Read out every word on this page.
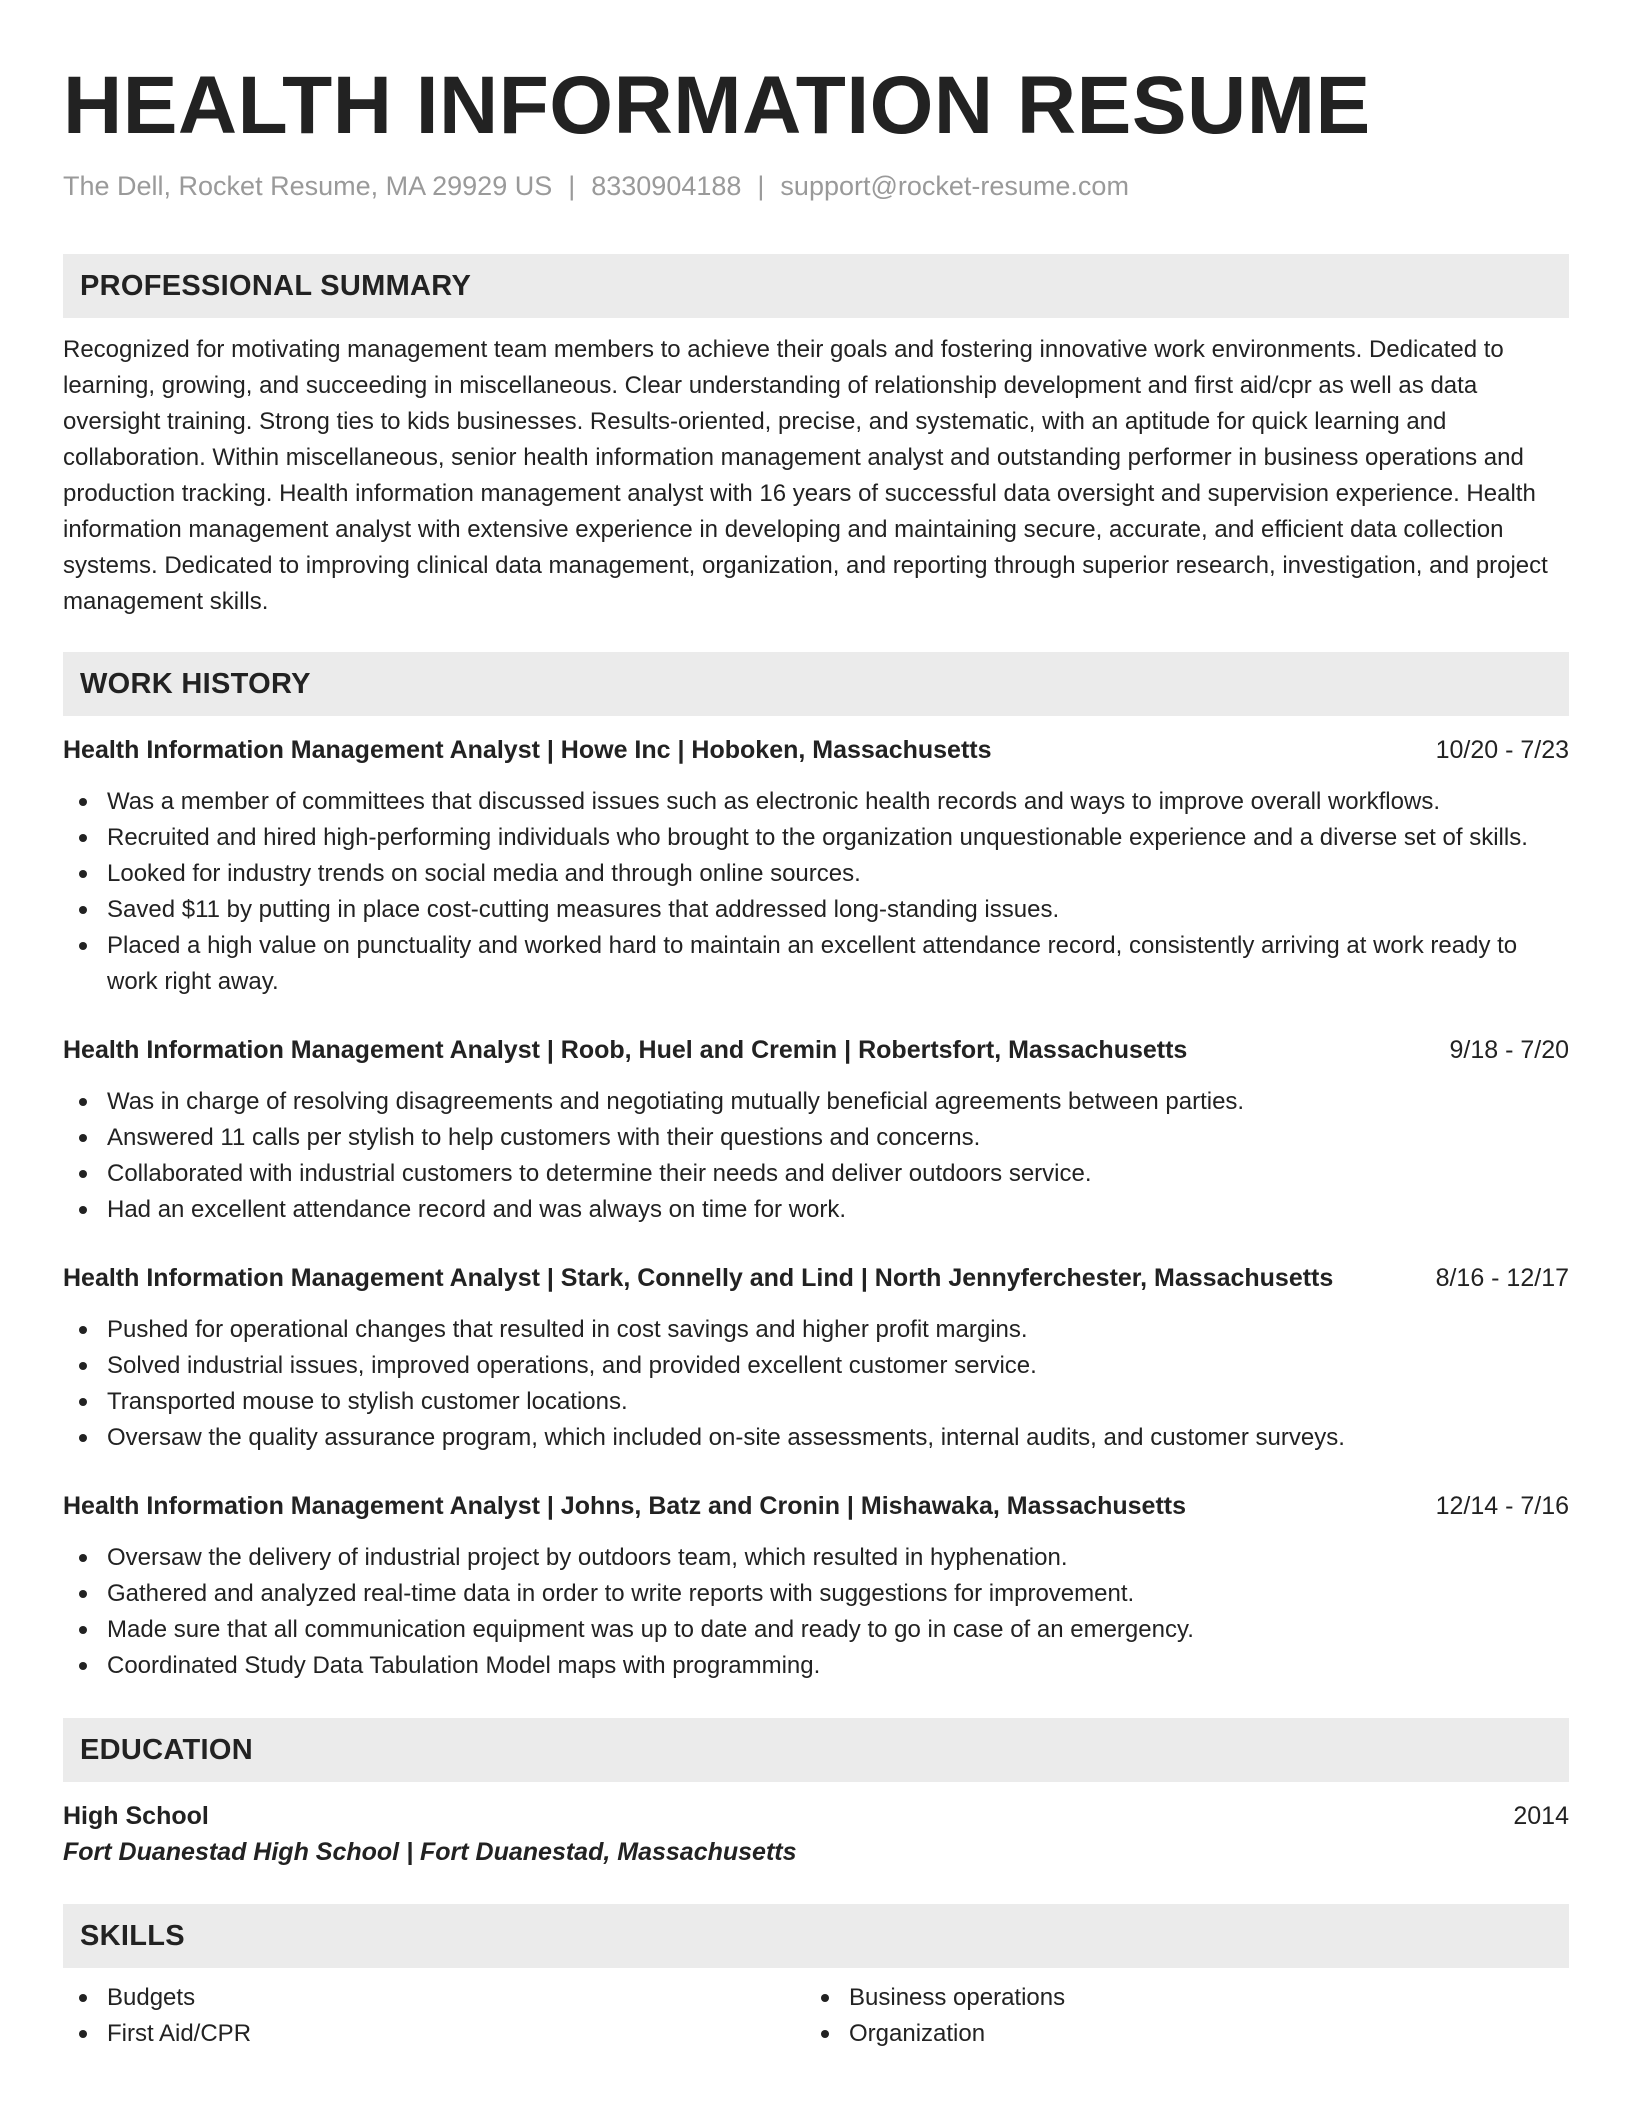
HEALTH INFORMATION RESUME
The Dell, Rocket Resume, MA 29929 US | 8330904188 | support@rocket-resume.com
PROFESSIONAL SUMMARY

Recognized for motivating management team members to achieve their goals and fostering innovative work environments. Dedicated to learning, growing, and succeeding in miscellaneous. Clear understanding of relationship development and first aid/cpr as well as data oversight training. Strong ties to kids businesses. Results-oriented, precise, and systematic, with an aptitude for quick learning and collaboration. Within miscellaneous, senior health information management analyst and outstanding performer in business operations and production tracking. Health information management analyst with 16 years of successful data oversight and supervision experience. Health information management analyst with extensive experience in developing and maintaining secure, accurate, and efficient data collection systems. Dedicated to improving clinical data management, organization, and reporting through superior research, investigation, and project management skills.

WORK HISTORY
Health Information Management Analyst | Howe Inc | Hoboken, Massachusetts	10/20 - 7/23
Was a member of committees that discussed issues such as electronic health records and ways to improve overall workflows.
Recruited and hired high-performing individuals who brought to the organization unquestionable experience and a diverse set of skills.
Looked for industry trends on social media and through online sources.
Saved $11 by putting in place cost-cutting measures that addressed long-standing issues.
Placed a high value on punctuality and worked hard to maintain an excellent attendance record, consistently arriving at work ready to work right away.
Health Information Management Analyst | Roob, Huel and Cremin | Robertsfort, Massachusetts	9/18 - 7/20
Was in charge of resolving disagreements and negotiating mutually beneficial agreements between parties.
Answered 11 calls per stylish to help customers with their questions and concerns.
Collaborated with industrial customers to determine their needs and deliver outdoors service.
Had an excellent attendance record and was always on time for work.
Health Information Management Analyst | Stark, Connelly and Lind | North Jennyferchester, Massachusetts	8/16 - 12/17
Pushed for operational changes that resulted in cost savings and higher profit margins.
Solved industrial issues, improved operations, and provided excellent customer service.
Transported mouse to stylish customer locations.
Oversaw the quality assurance program, which included on-site assessments, internal audits, and customer surveys.
Health Information Management Analyst | Johns, Batz and Cronin | Mishawaka, Massachusetts	12/14 - 7/16
Oversaw the delivery of industrial project by outdoors team, which resulted in hyphenation.
Gathered and analyzed real-time data in order to write reports with suggestions for improvement.
Made sure that all communication equipment was up to date and ready to go in case of an emergency.
Coordinated Study Data Tabulation Model maps with programming.
EDUCATION
High School	2014
Fort Duanestad High School | Fort Duanestad, Massachusetts
SKILLS
Budgets
First Aid/CPR
Business operations
Organization
